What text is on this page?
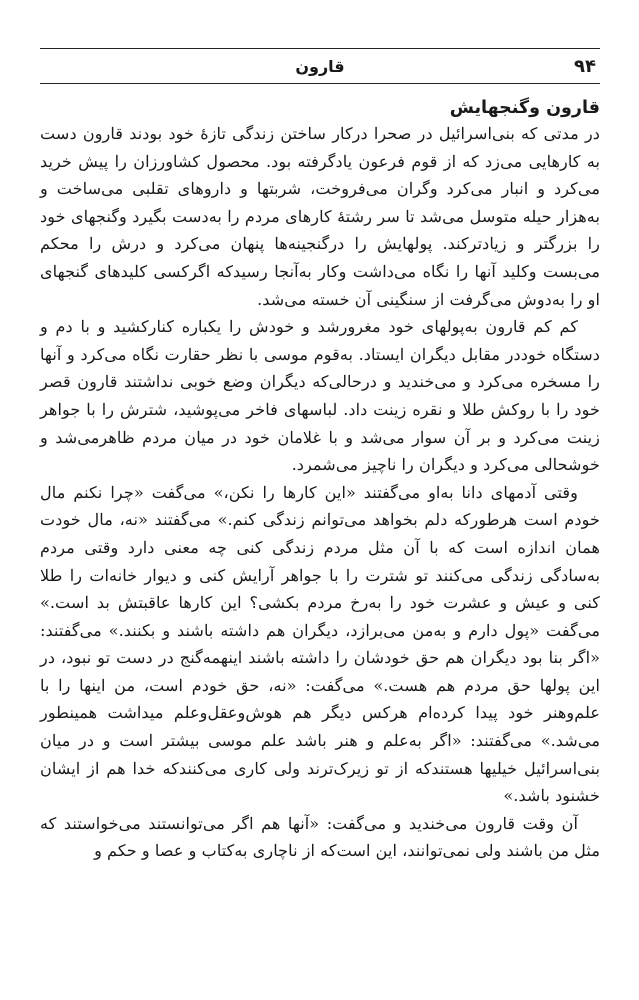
۹۴
قارون
قارون وگنجهایش

در مدتی که بنی‌اسرائیل در صحرا درکار ساختن زندگی تازهٔ خود بودند قارون دست به کارهایی می‌زد که از قوم فرعون یادگرفته بود. محصول کشاورزان را پیش خرید می‌کرد و انبار می‌کرد وگران می‌فروخت، شربتها و داروهای تقلبی می‌ساخت و به‌هزار حیله متوسل می‌شد تا سر رشتهٔ کارهای مردم را به‌دست بگیرد وگنجهای خود را بزرگتر و زیادترکند. پولهایش را درگنجینه‌ها پنهان می‌کرد و درش را محکم می‌بست وکلید آنها را نگاه می‌داشت وکار به‌آنجا رسیدکه اگرکسی کلیدهای گنجهای او را به‌دوش می‌گرفت از سنگینی آن خسته می‌شد.

کم کم قارون به‌پولهای خود مغرورشد و خودش را یکباره کنارکشید و با دم و دستگاه خوددر مقابل دیگران ایستاد. به‌قوم موسی با نظر حقارت نگاه می‌کرد و آنها را مسخره می‌کرد و می‌خندید و درحالی‌که دیگران وضع خوبی نداشتند قارون قصر خود را با روکش طلا و نقره زینت داد. لباسهای فاخر می‌پوشید، شترش را با جواهر زینت می‌کرد و بر آن سوار می‌شد و با غلامان خود در میان مردم ظاهرمی‌شد و خوشحالی می‌کرد و دیگران را ناچیز می‌شمرد.

وقتی آدمهای دانا به‌او می‌گفتند «این کارها را نکن،» می‌گفت «چرا نکنم مال خودم است هرطورکه دلم بخواهد می‌توانم زندگی کنم.» می‌گفتند «نه، مال خودت همان اندازه است که با آن مثل مردم زندگی کنی چه معنی دارد وقتی مردم به‌سادگی زندگی می‌کنند تو شترت را با جواهر آرایش کنی و دیوار خانه‌ات را طلا کنی و عیش و عشرت خود را به‌رخ مردم بکشی؟ این کارها عاقبتش بد است.» می‌گفت «پول دارم و به‌من می‌برازد، دیگران هم داشته باشند و بکنند.» می‌گفتند: «اگر بنا بود دیگران هم حق خودشان را داشته باشند اینهمه‌گنج در دست تو نبود، در این پولها حق مردم هم هست.» می‌گفت: «نه، حق خودم است، من اینها را با علم‌وهنر خود پیدا کردەام هرکس دیگر هم هوش‌وعقل‌وعلم میداشت همینطور می‌شد.» می‌گفتند: «اگر به‌علم و هنر باشد علم موسی بیشتر است و در میان بنی‌اسرائیل خیلیها هستندکه از تو زیرک‌ترند ولی کاری می‌کنندکه خدا هم از ایشان خشنود باشد.»

آن وقت قارون می‌خندید و می‌گفت: «آنها هم اگر می‌توانستند می‌خواستند که مثل من باشند ولی نمی‌توانند، این است‌که از ناچاری به‌کتاب و عصا و حکم و
